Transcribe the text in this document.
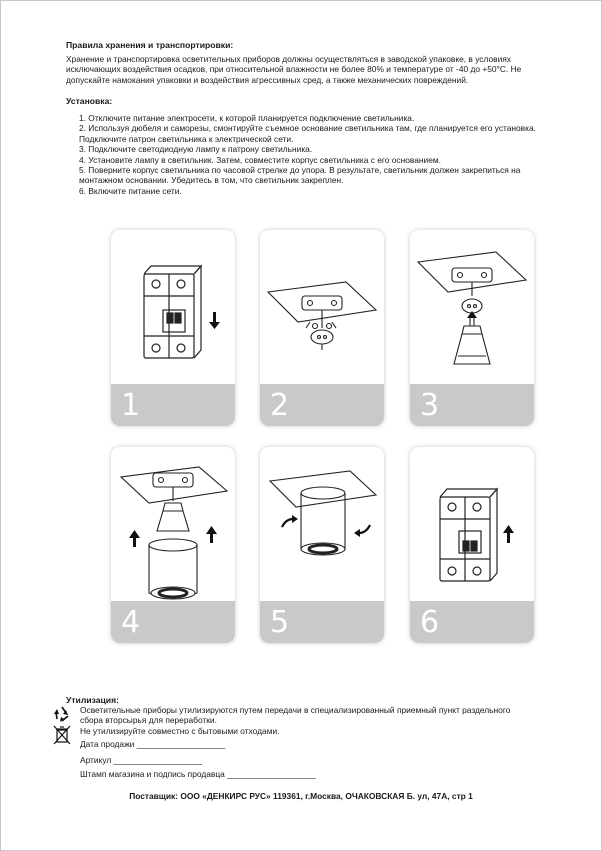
Правила хранения и транспортировки:
Хранение и транспортировка осветительных приборов должны осуществляться в заводской упаковке, в условиях исключающих воздействия осадков, при относительной влажности не более 80% и температуре от -40 до +50°С. Не допускайте намокания упаковки и воздействия агрессивных сред, а также механических повреждений.
Установка:
1. Отключите питание электросети, к которой планируется подключение светильника.
2. Используя дюбеля и саморезы, смонтируйте съемное основание светильника там, где планируется его установка. Подключите патрон светильника к электрической сети.
3. Подключите светодиодную лампу к патрону светильника.
4. Установите лампу в светильник. Затем, совместите корпус светильника с его основанием.
5. Поверните корпус светильника по часовой стрелке до упора. В результате, светильник должен закрепиться на монтажном основании. Убедитесь в том, что светильник закреплен.
6. Включите питание сети.
1	2	3
4	5	6
Утилизация:
Осветительные приборы утилизируются путем передачи в специализированный приемный пункт раздельного
сбора вторсырья для переработки.
Не утилизируйте совместно с бытовыми отходами.
Дата продажи ___________________
Артикул ___________________
Штамп магазина и подпись продавца ___________________
Поставщик: ООО «ДЕНКИРС РУС» 119361, г.Москва, ОЧАКОВСКАЯ Б. ул, 47А, стр 1
